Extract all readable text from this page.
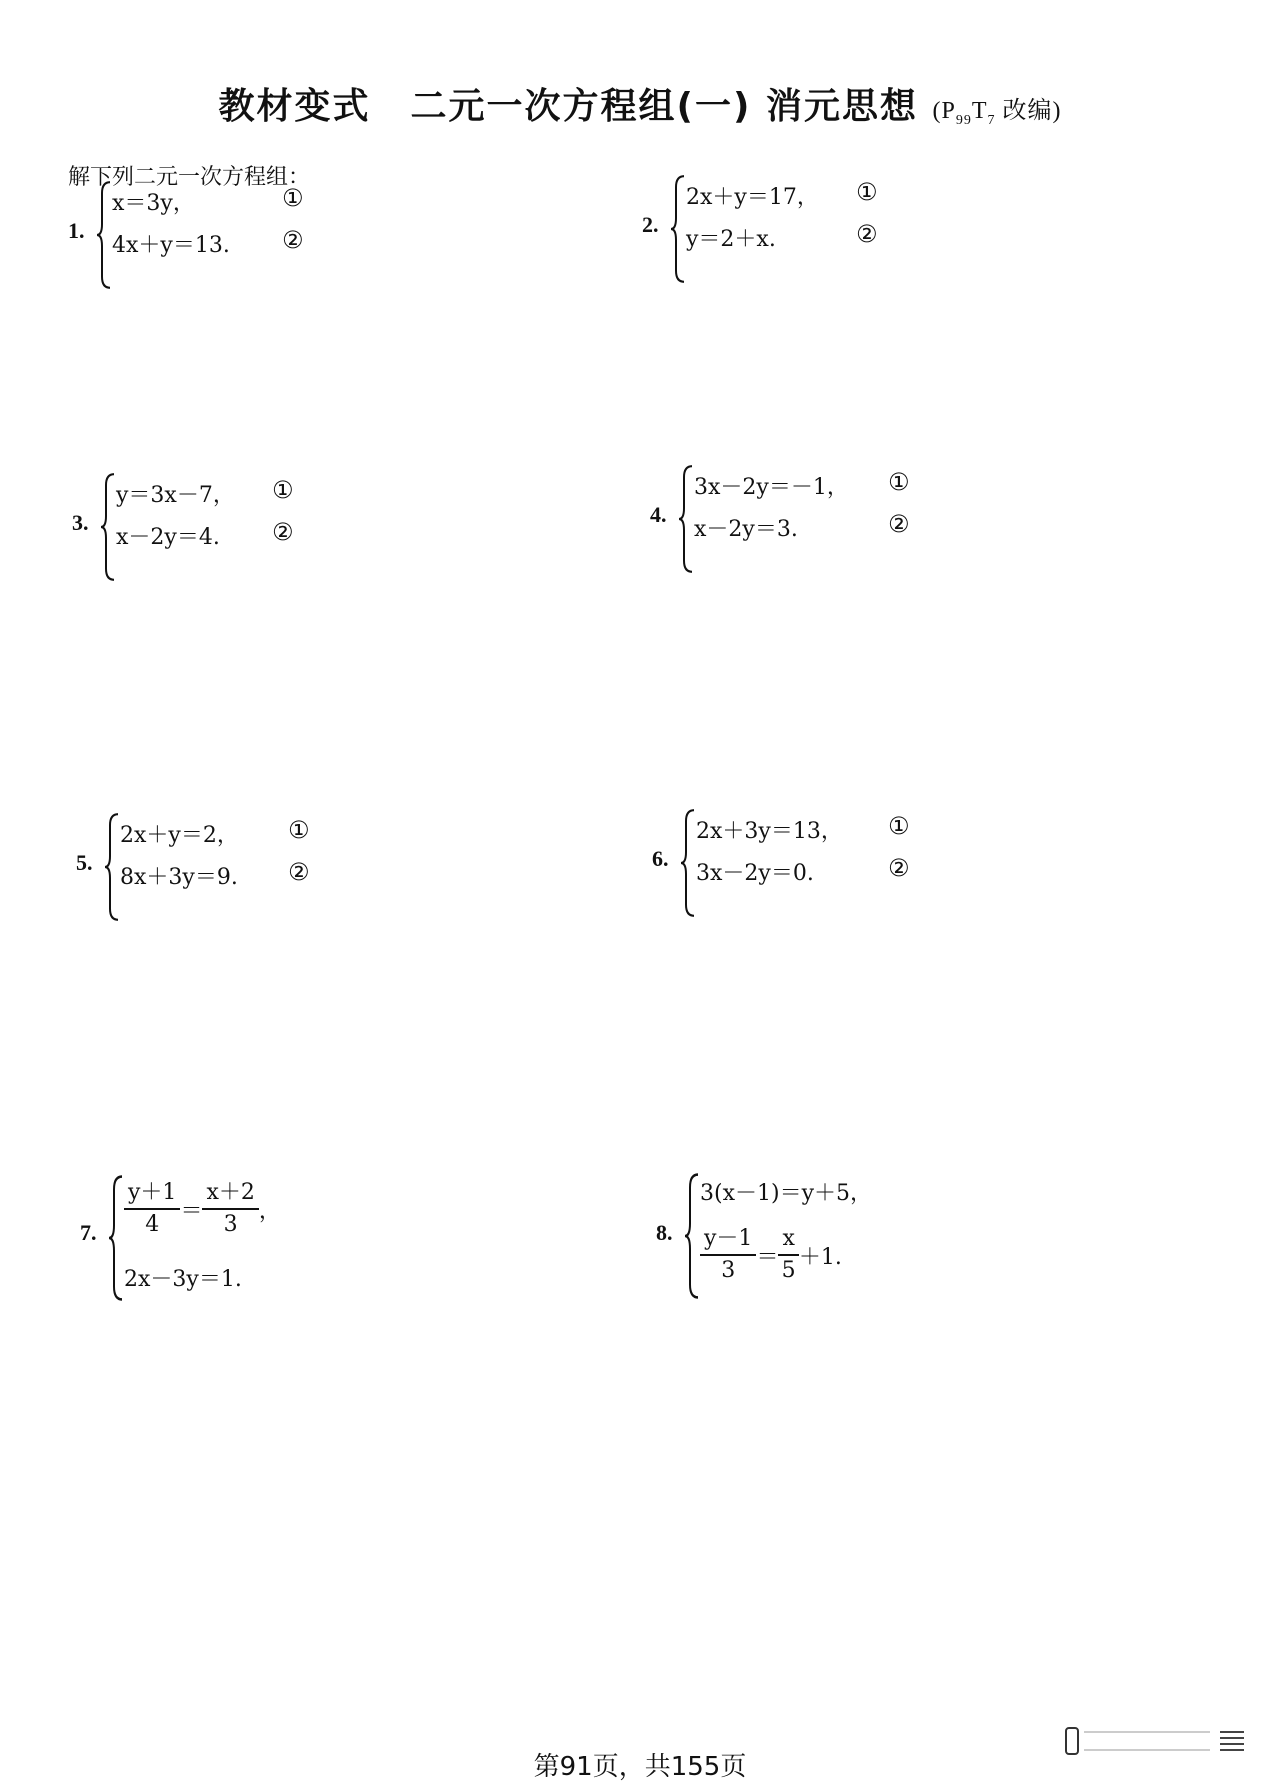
教材变式 二元一次方程组(一) 消元思想 ($P_{99}T_7$ 改编)
解下列二元一次方程组：
1.
x＝3y，
4x＋y＝13.
①
②
2.
2x＋y＝17，
y＝2＋x.
①
②
3.
y＝3x－7，
x－2y＝4.
①
②
4.
3x－2y＝－1，
x－2y＝3.
①
②
5.
2x＋y＝2，
8x＋3y＝9.
①
②	6.
2x＋3y＝13，
3x－2y＝0.
①
②
7. $\frac{y+1}{4} = \frac{x+2}{3}$ ，
2x－3y＝1.
8.
3(x－1)＝y＋5，
$\frac{y-1}{3} = \frac{x}{5} +1$.
第91页，共155页
